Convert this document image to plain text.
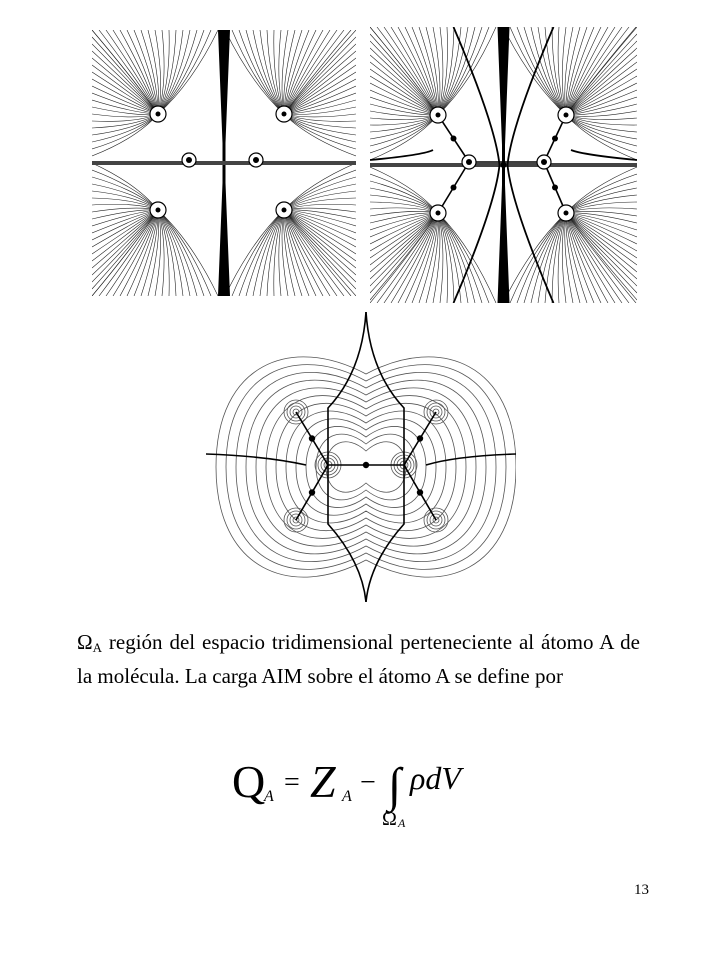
ΩA región del espacio tridimensional perteneciente al átomo A de la molécula. La carga AIM sobre el átomo A se define por

Q
A = Z A − ∫ ρdV
Ω A
13
